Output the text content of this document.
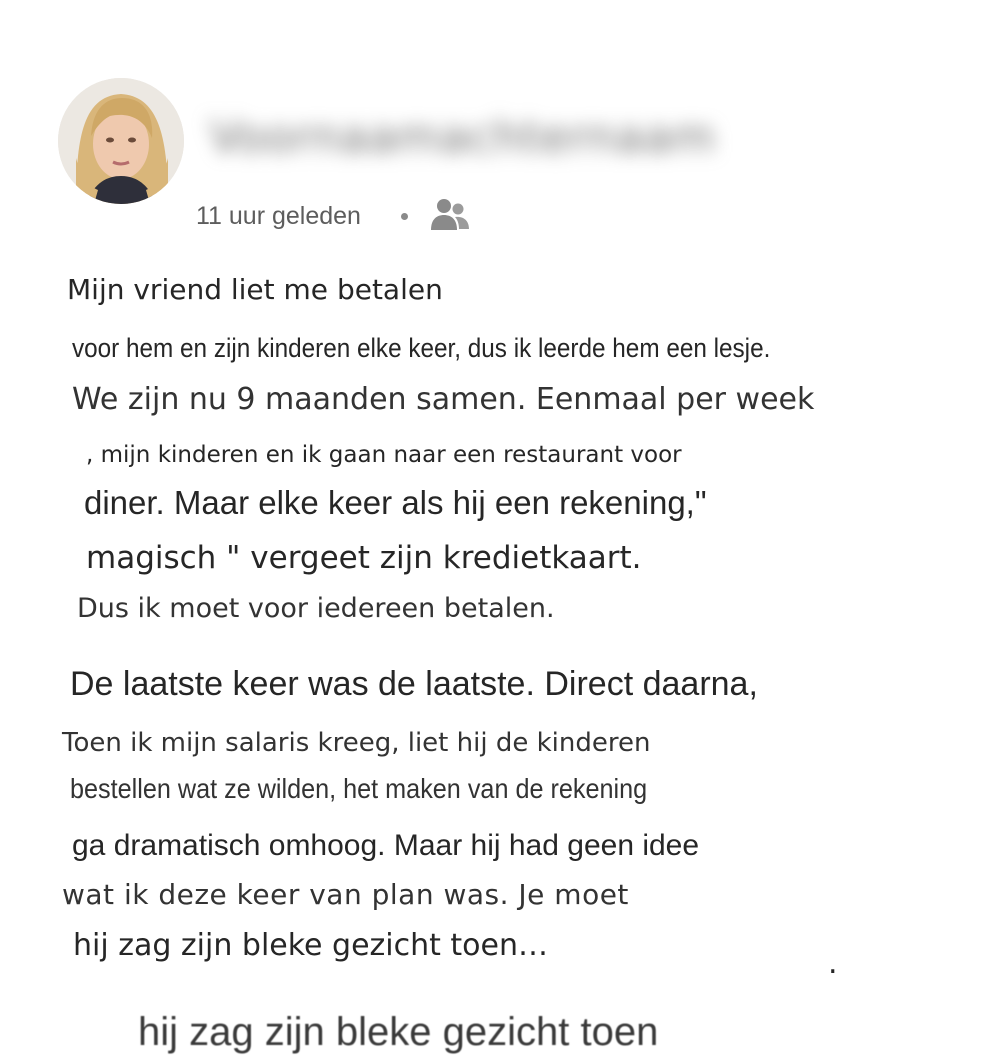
Voornaamachternaam
11 uur geleden
Mijn vriend liet me betalen
voor hem en zijn kinderen elke keer, dus ik leerde hem een lesje.
We zijn nu 9 maanden samen. Eenmaal per week
, mijn kinderen en ik gaan naar een restaurant voor
diner. Maar elke keer als hij een rekening,"
magisch " vergeet zijn kredietkaart.
Dus ik moet voor iedereen betalen.
De laatste keer was de laatste. Direct daarna,
Toen ik mijn salaris kreeg, liet hij de kinderen
bestellen wat ze wilden, het maken van de rekening
ga dramatisch omhoog. Maar hij had geen idee
wat ik deze keer van plan was. Je moet
hij zag zijn bleke gezicht toen…
.
hij zag zijn bleke gezicht toen
